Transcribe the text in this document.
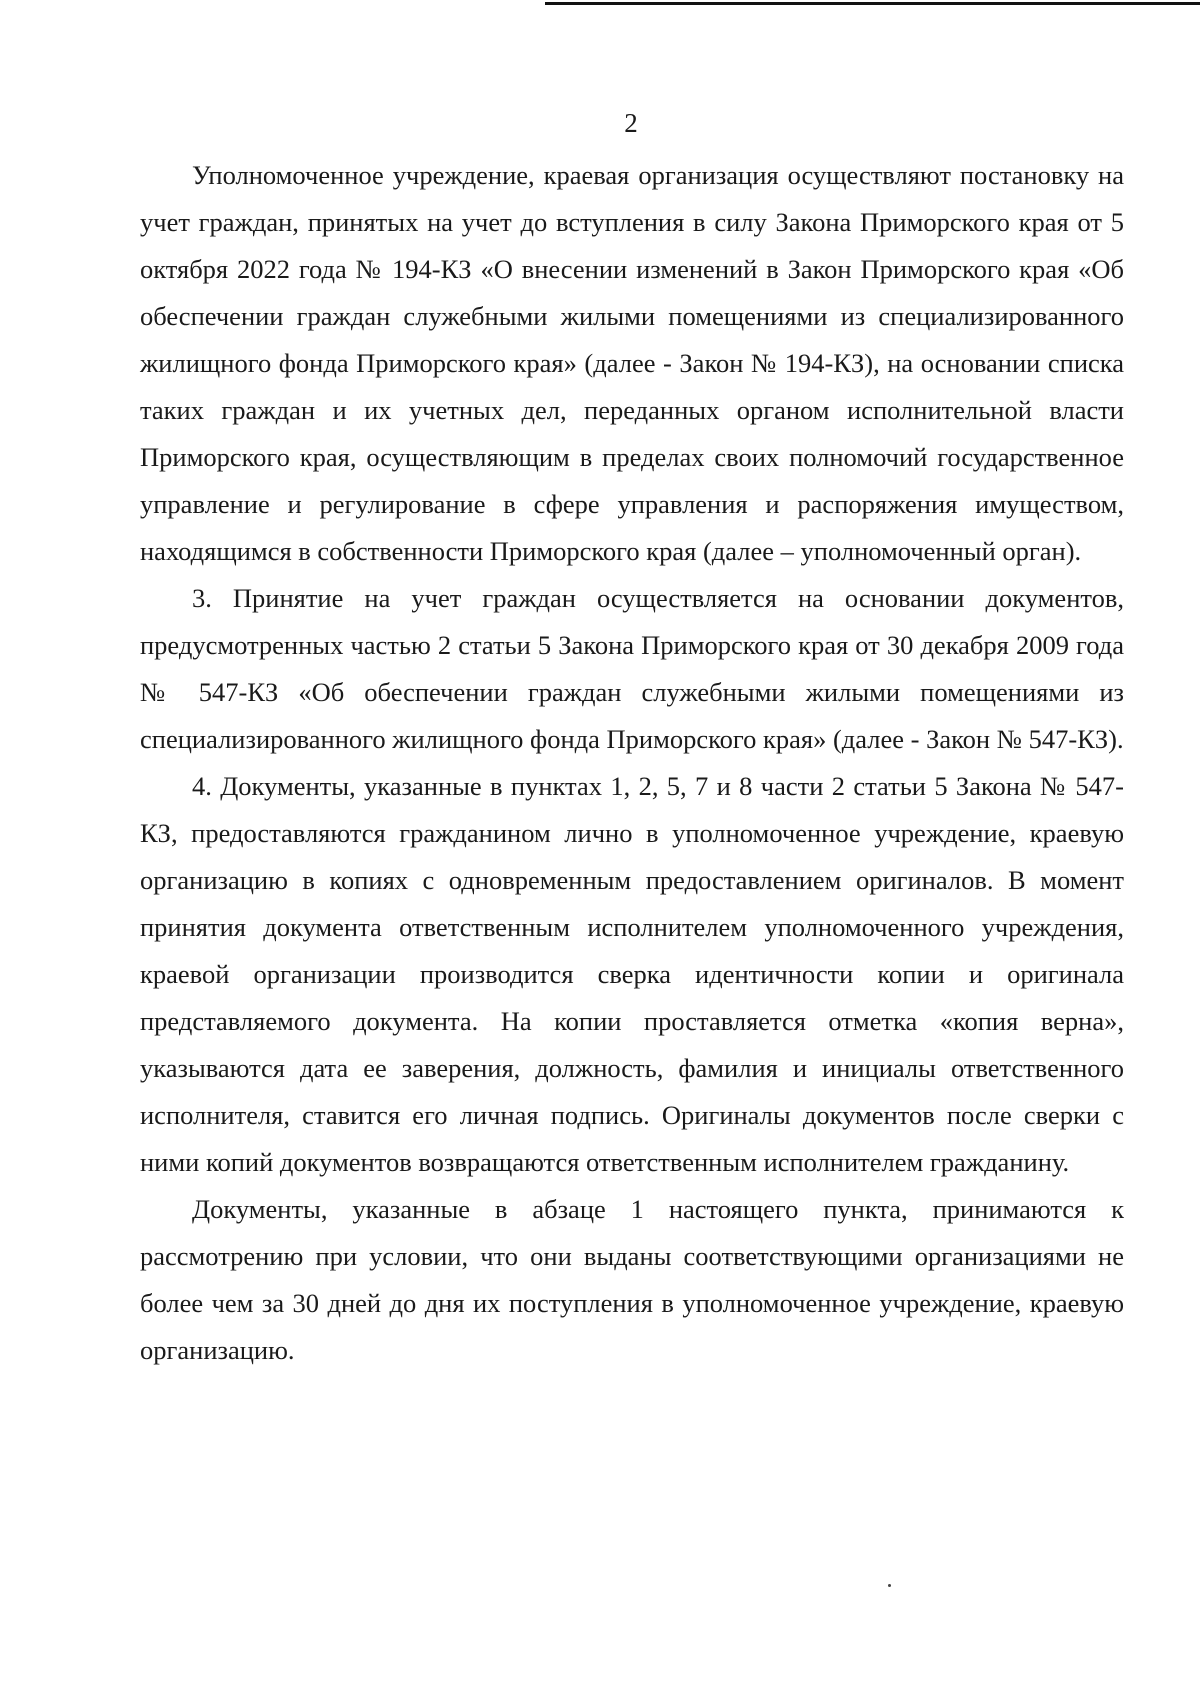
2

Уполномоченное учреждение, краевая организация осуществляют постановку на учет граждан, принятых на учет до вступления в силу Закона Приморского края от 5 октября 2022 года № 194-КЗ «О внесении изменений в Закон Приморского края «Об обеспечении граждан служебными жилыми помещениями из специализированного жилищного фонда Приморского края» (далее - Закон № 194-КЗ), на основании списка таких граждан и их учетных дел, переданных органом исполнительной власти Приморского края, осуществляющим в пределах своих полномочий государственное управление и регулирование в сфере управления и распоряжения имуществом, находящимся в собственности Приморского края (далее – уполномоченный орган).

3. Принятие на учет граждан осуществляется на основании документов, предусмотренных частью 2 статьи 5 Закона Приморского края от 30 декабря 2009 года № 547-КЗ «Об обеспечении граждан служебными жилыми помещениями из специализированного жилищного фонда Приморского края» (далее - Закон № 547-КЗ).

4. Документы, указанные в пунктах 1, 2, 5, 7 и 8 части 2 статьи 5 Закона № 547-КЗ, предоставляются гражданином лично в уполномоченное учреждение, краевую организацию в копиях с одновременным предоставлением оригиналов. В момент принятия документа ответственным исполнителем уполномоченного учреждения, краевой организации производится сверка идентичности копии и оригинала представляемого документа. На копии проставляется отметка «копия верна», указываются дата ее заверения, должность, фамилия и инициалы ответственного исполнителя, ставится его личная подпись. Оригиналы документов после сверки с ними копий документов возвращаются ответственным исполнителем гражданину.

Документы, указанные в абзаце 1 настоящего пункта, принимаются к рассмотрению при условии, что они выданы соответствующими организациями не более чем за 30 дней до дня их поступления в уполномоченное учреждение, краевую организацию.
